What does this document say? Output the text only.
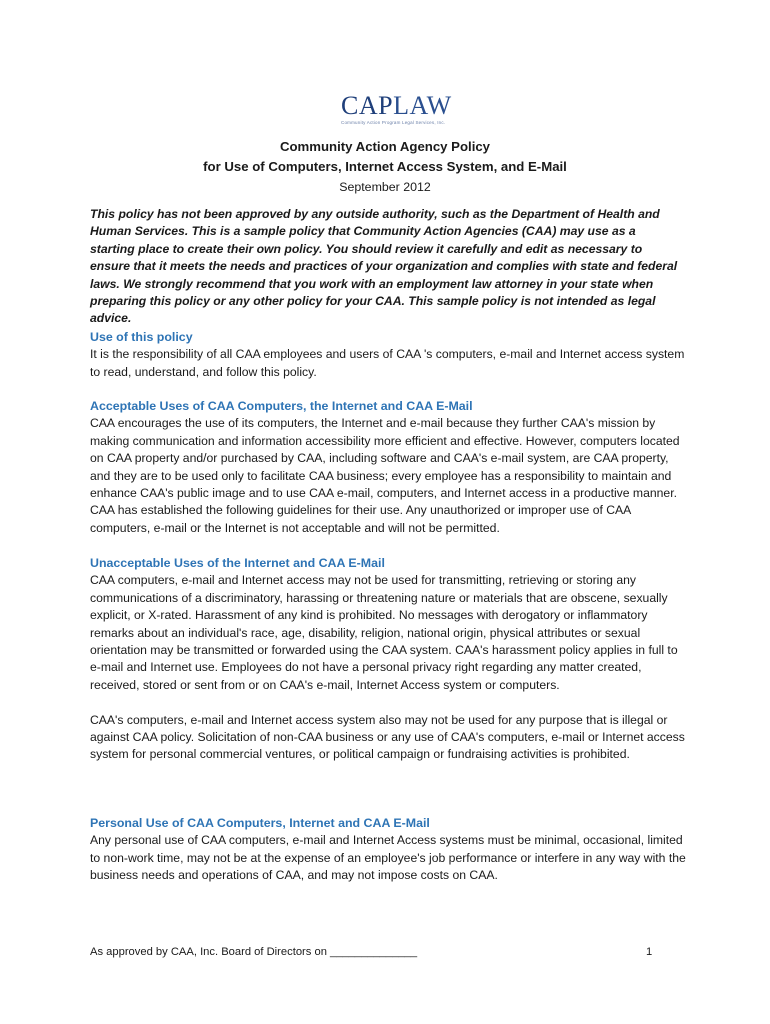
CAPLAW
Community Action Program Legal Services, Inc.
Community Action Agency Policy
for Use of Computers, Internet Access System, and E-Mail
September 2012
This policy has not been approved by any outside authority, such as the Department of Health and Human Services. This is a sample policy that Community Action Agencies (CAA) may use as a starting place to create their own policy. You should review it carefully and edit as necessary to ensure that it meets the needs and practices of your organization and complies with state and federal laws. We strongly recommend that you work with an employment law attorney in your state when preparing this policy or any other policy for your CAA. This sample policy is not intended as legal advice.
Use of this policy

It is the responsibility of all CAA employees and users of CAA 's computers, e-mail and Internet access system to read, understand, and follow this policy.

Acceptable Uses of CAA Computers, the Internet and CAA E-Mail

CAA encourages the use of its computers, the Internet and e-mail because they further CAA's mission by making communication and information accessibility more efficient and effective. However, computers located on CAA property and/or purchased by CAA, including software and CAA's e-mail system, are CAA property, and they are to be used only to facilitate CAA business; every employee has a responsibility to maintain and enhance CAA's public image and to use CAA e-mail, computers, and Internet access in a productive manner. CAA has established the following guidelines for their use. Any unauthorized or improper use of CAA computers, e-mail or the Internet is not acceptable and will not be permitted.

Unacceptable Uses of the Internet and CAA E-Mail

CAA computers, e-mail and Internet access may not be used for transmitting, retrieving or storing any communications of a discriminatory, harassing or threatening nature or materials that are obscene, sexually explicit, or X-rated. Harassment of any kind is prohibited. No messages with derogatory or inflammatory remarks about an individual's race, age, disability, religion, national origin, physical attributes or sexual orientation may be transmitted or forwarded using the CAA system. CAA's harassment policy applies in full to e-mail and Internet use. Employees do not have a personal privacy right regarding any matter created, received, stored or sent from or on CAA's e-mail, Internet Access system or computers.

CAA's computers, e-mail and Internet access system also may not be used for any purpose that is illegal or against CAA policy. Solicitation of non-CAA business or any use of CAA's computers, e-mail or Internet access system for personal commercial ventures, or political campaign or fundraising activities is prohibited.

Personal Use of CAA Computers, Internet and CAA E-Mail

Any personal use of CAA computers, e-mail and Internet Access systems must be minimal, occasional, limited to non-work time, may not be at the expense of an employee's job performance or interfere in any way with the business needs and operations of CAA, and may not impose costs on CAA.

As approved by CAA, Inc. Board of Directors on ______________	1
